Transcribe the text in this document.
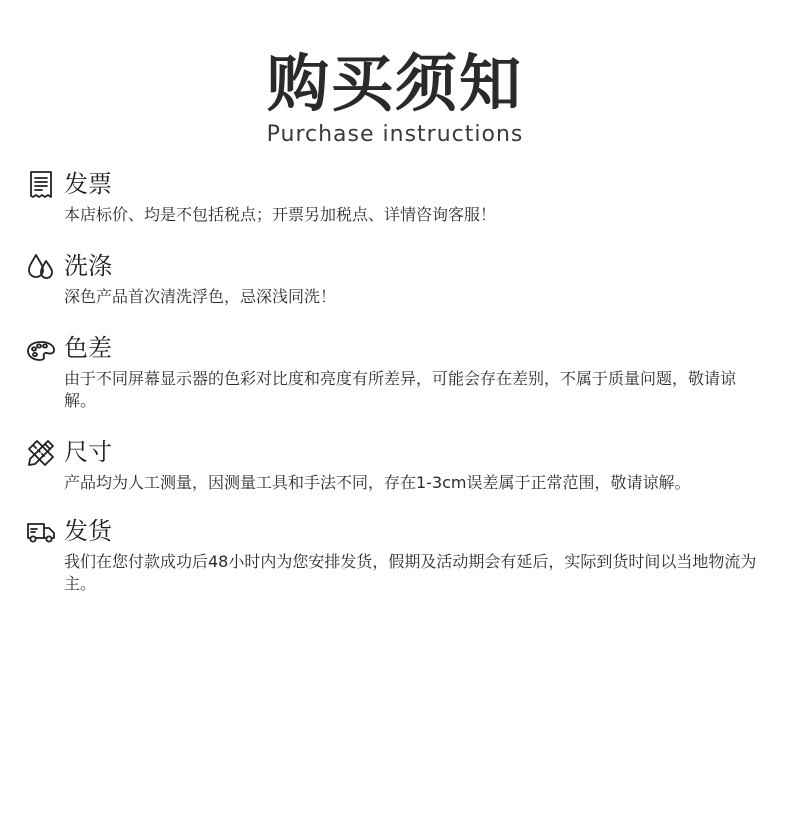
购买须知
Purchase instructions
发票
本店标价、均是不包括税点；开票另加税点、详情咨询客服！
洗涤
深色产品首次清洗浮色，忌深浅同洗！
色差
由于不同屏幕显示器的色彩对比度和亮度有所差异，可能会存在差别，不属于质量问题，敬请谅解。
尺寸
产品均为人工测量，因测量工具和手法不同，存在1-3cm误差属于正常范围，敬请谅解。
发货
我们在您付款成功后48小时内为您安排发货，假期及活动期会有延后，实际到货时间以当地物流为主。
